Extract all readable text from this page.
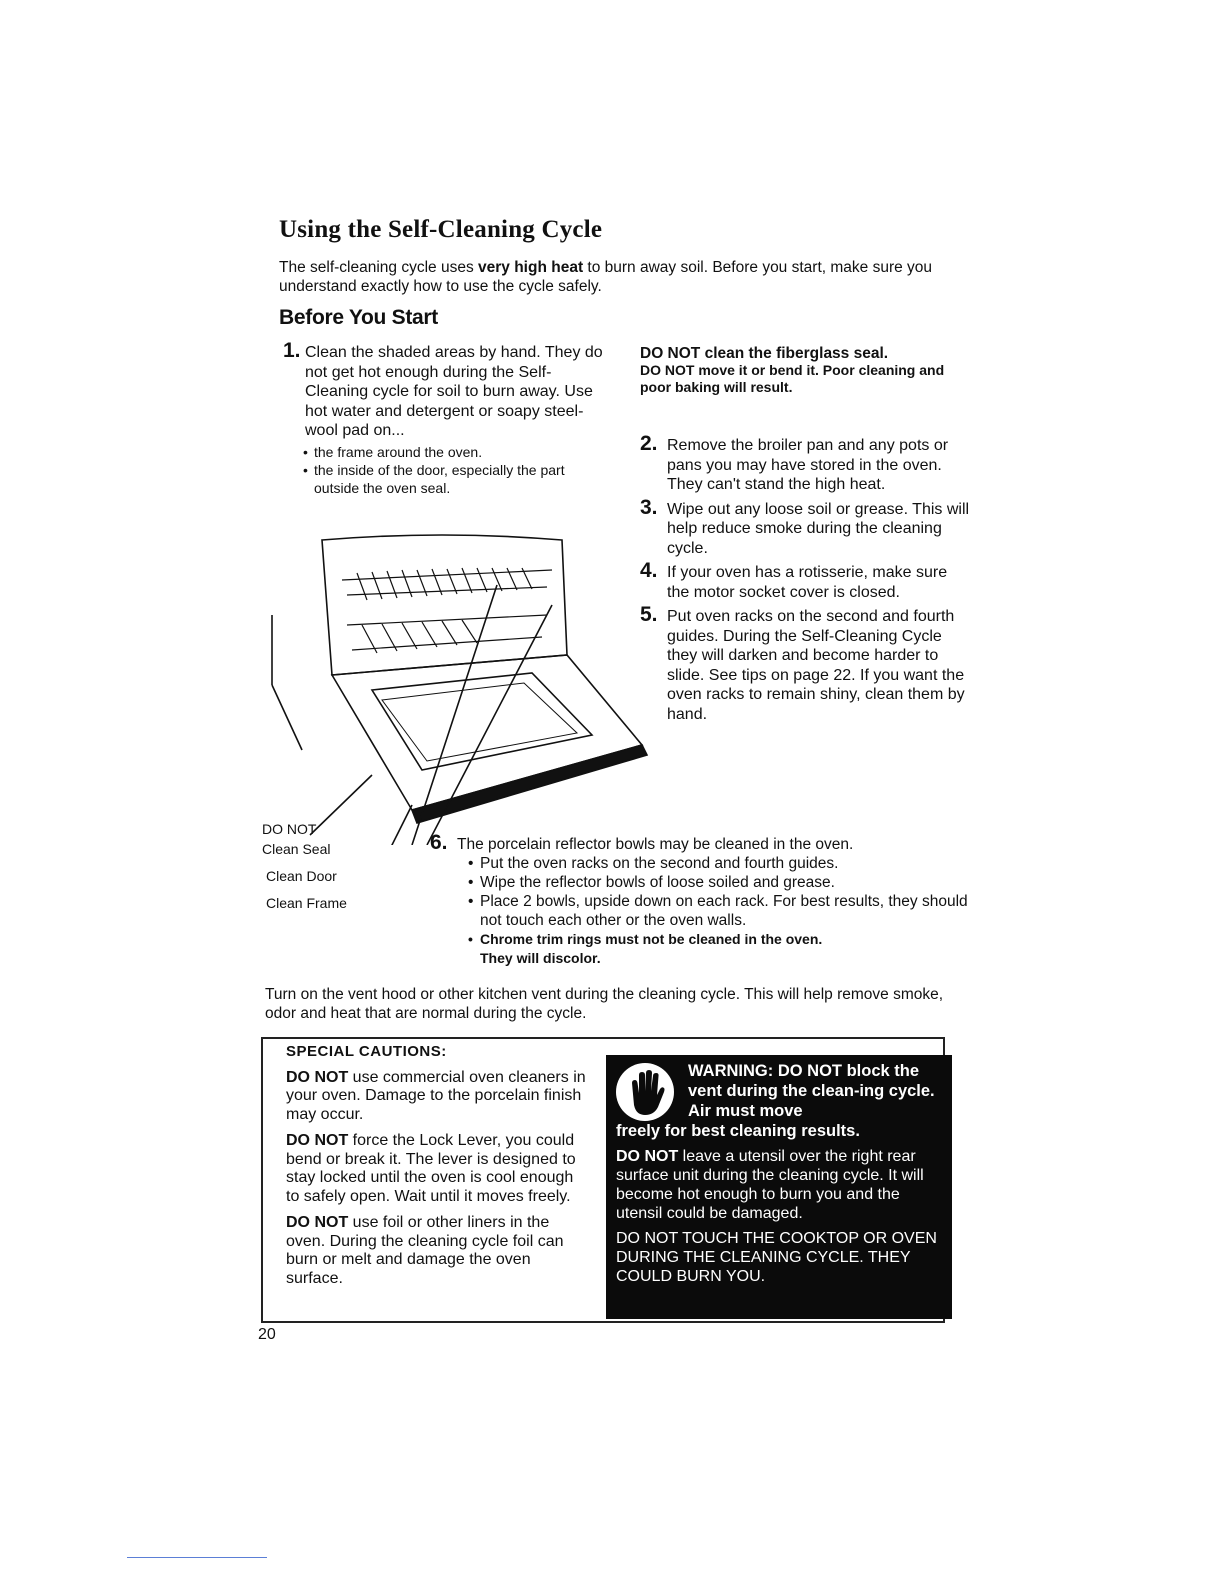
Using the Self-Cleaning Cycle
The self-cleaning cycle uses very high heat to burn away soil. Before you start, make sure you understand exactly how to use the cycle safely.
Before You Start
1. Clean the shaded areas by hand. They do not get hot enough during the Self-Cleaning cycle for soil to burn away. Use hot water and detergent or soapy steel-wool pad on...
• the frame around the oven.
• the inside of the door, especially the part outside the oven seal.
DO NOT clean the fiberglass seal.
DO NOT move it or bend it. Poor cleaning and poor baking will result.
2. Remove the broiler pan and any pots or pans you may have stored in the oven. They can't stand the high heat.
3. Wipe out any loose soil or grease. This will help reduce smoke during the cleaning cycle.
4. If your oven has a rotisserie, make sure the motor socket cover is closed.
5. Put oven racks on the second and fourth guides. During the Self-Cleaning Cycle they will darken and become harder to slide. See tips on page 22. If you want the oven racks to remain shiny, clean them by hand.
DO NOT
Clean Seal
Clean Door
Clean Frame
6. The porcelain reflector bowls may be cleaned in the oven.
• Put the oven racks on the second and fourth guides.
• Wipe the reflector bowls of loose soiled and grease.
• Place 2 bowls, upside down on each rack. For best results, they should not touch each other or the oven walls.
• Chrome trim rings must not be cleaned in the oven.
They will discolor.
Turn on the vent hood or other kitchen vent during the cleaning cycle. This will help remove smoke, odor and heat that are normal during the cycle.
SPECIAL CAUTIONS:

DO NOT use commercial oven cleaners in your oven. Damage to the porcelain finish may occur.

DO NOT force the Lock Lever, you could bend or break it. The lever is designed to stay locked until the oven is cool enough to safely open. Wait until it moves freely.

DO NOT use foil or other liners in the oven. During the cleaning cycle foil can burn or melt and damage the oven surface.

WARNING: DO NOT block the vent during the clean-ing cycle. Air must move
freely for best cleaning results.

DO NOT leave a utensil over the right rear surface unit during the cleaning cycle. It will become hot enough to burn you and the utensil could be damaged.

DO NOT TOUCH THE COOKTOP OR OVEN DURING THE CLEANING CYCLE. THEY COULD BURN YOU.

20
